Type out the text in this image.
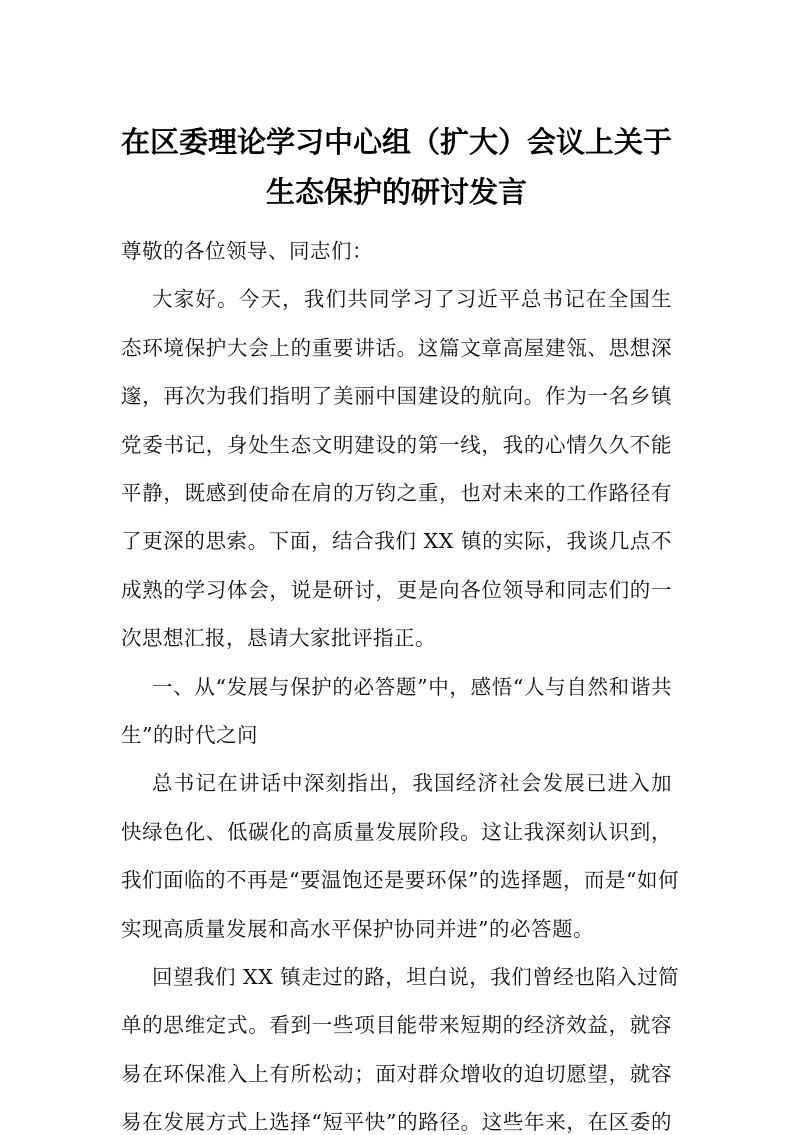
在区委理论学习中心组（扩大）会议上关于
生态保护的研讨发言
尊敬的各位领导、同志们：
大家好。今天，我们共同学习了习近平总书记在全国生
态环境保护大会上的重要讲话。这篇文章高屋建瓴、思想深
邃，再次为我们指明了美丽中国建设的航向。作为一名乡镇
党委书记，身处生态文明建设的第一线，我的心情久久不能
平静，既感到使命在肩的万钧之重，也对未来的工作路径有
了更深的思索。下面，结合我们 XX 镇的实际，我谈几点不
成熟的学习体会，说是研讨，更是向各位领导和同志们的一
次思想汇报，恳请大家批评指正。
一、从“发展与保护的必答题”中，感悟“人与自然和谐共
生”的时代之问
总书记在讲话中深刻指出，我国经济社会发展已进入加
快绿色化、低碳化的高质量发展阶段。这让我深刻认识到，
我们面临的不再是“要温饱还是要环保”的选择题，而是“如何
实现高质量发展和高水平保护协同并进”的必答题。
回望我们 XX 镇走过的路，坦白说，我们曾经也陷入过简
单的思维定式。看到一些项目能带来短期的经济效益，就容
易在环保准入上有所松动；面对群众增收的迫切愿望，就容
易在发展方式上选择“短平快”的路径。这些年来，在区委的
